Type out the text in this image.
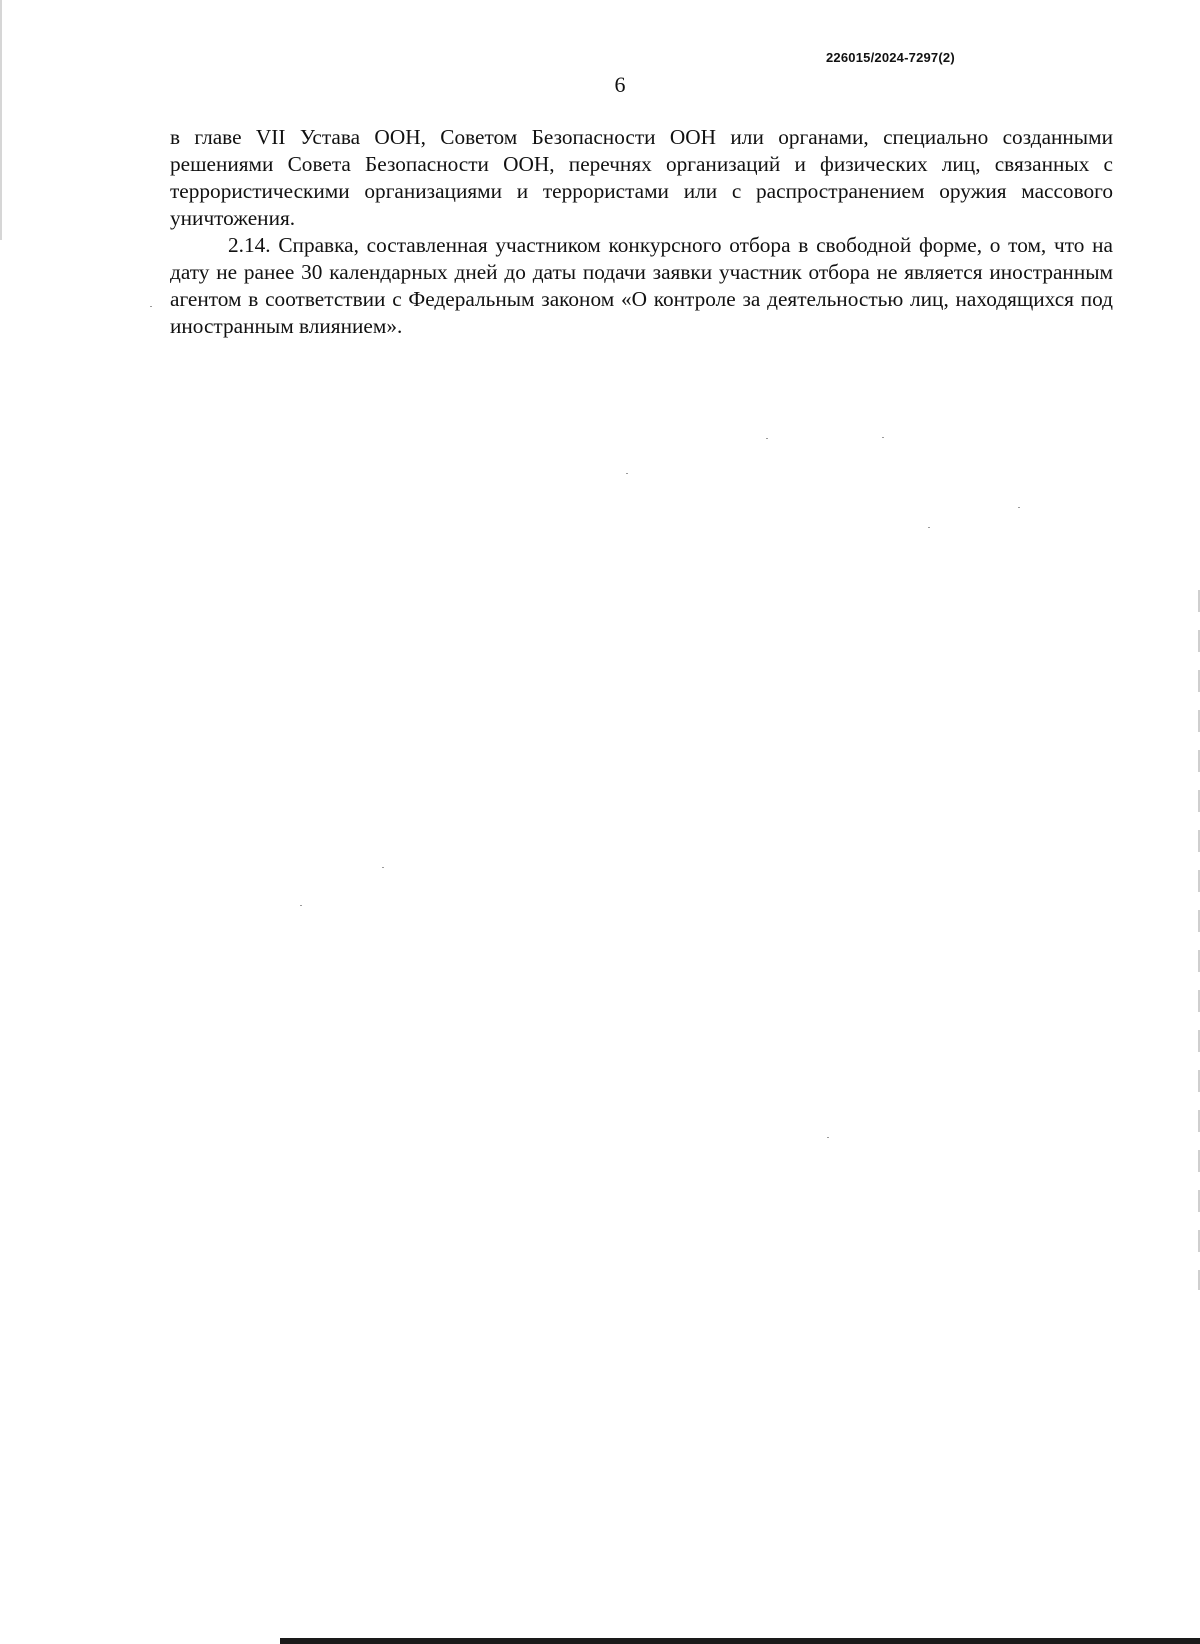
226015/2024-7297(2)
6

в главе VII Устава ООН, Советом Безопасности ООН или органами, специально созданными решениями Совета Безопасности ООН, перечнях организаций и физических лиц, связанных с террористическими организациями и террористами или с распространением оружия массового уничтожения.

2.14. Справка, составленная участником конкурсного отбора в свободной форме, о том, что на дату не ранее 30 календарных дней до даты подачи заявки участник отбора не является иностранным агентом в соответствии с Федеральным законом «О контроле за деятельностью лиц, находящихся под иностранным влиянием».
